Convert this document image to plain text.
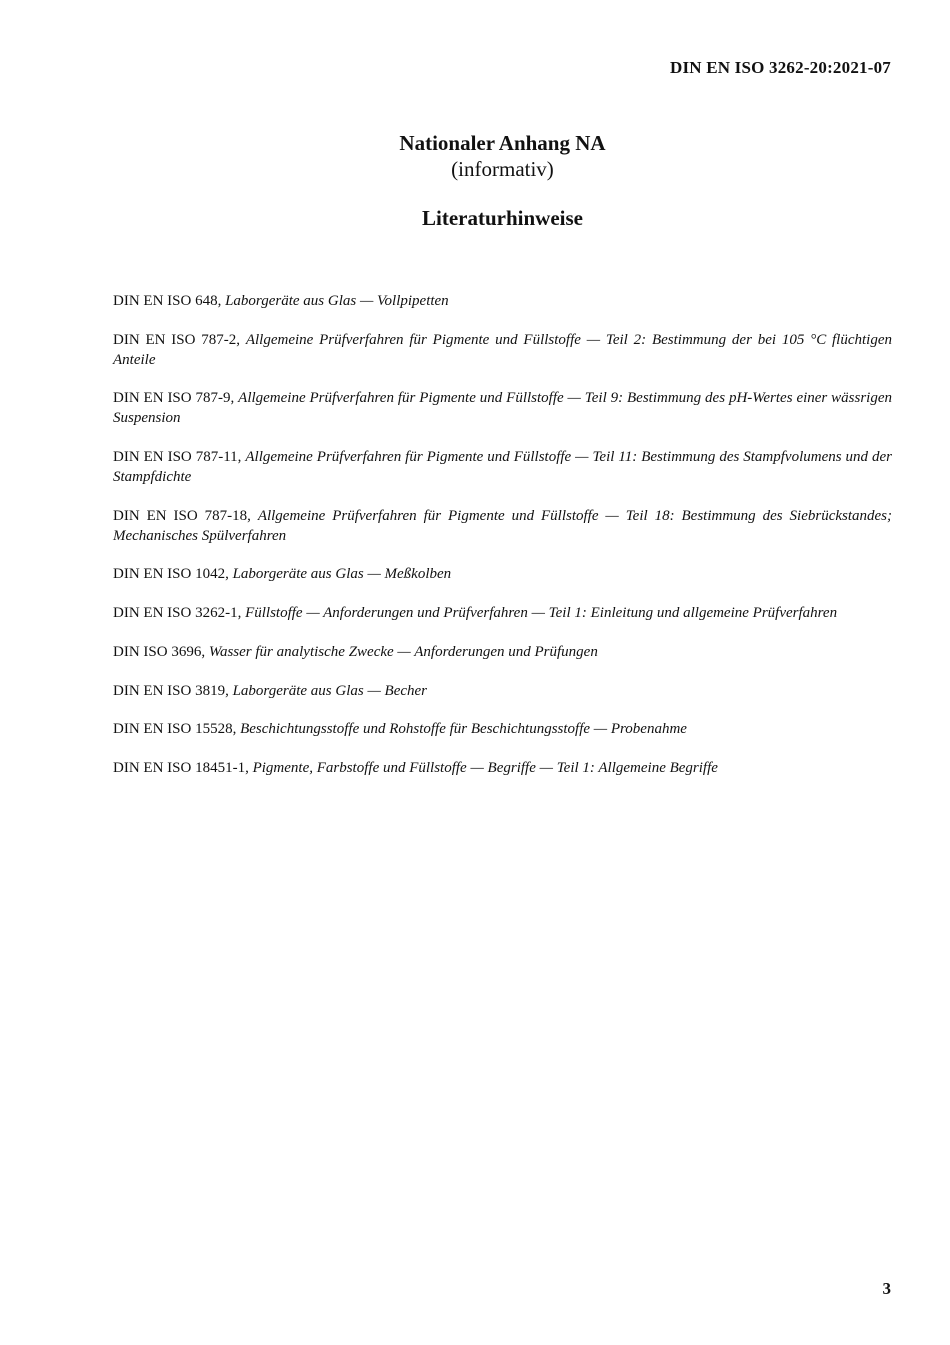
DIN EN ISO 3262-20:2021-07
Nationaler Anhang NA
(informativ)
Literaturhinweise

DIN EN ISO 648, Laborgeräte aus Glas — Vollpipetten

DIN EN ISO 787-2, Allgemeine Prüfverfahren für Pigmente und Füllstoffe — Teil 2: Bestimmung der bei 105 °C flüchtigen Anteile

DIN EN ISO 787-9, Allgemeine Prüfverfahren für Pigmente und Füllstoffe — Teil 9: Bestimmung des pH-Wertes einer wässrigen Suspension

DIN EN ISO 787-11, Allgemeine Prüfverfahren für Pigmente und Füllstoffe — Teil 11: Bestimmung des Stampfvolumens und der Stampfdichte

DIN EN ISO 787-18, Allgemeine Prüfverfahren für Pigmente und Füllstoffe — Teil 18: Bestimmung des Siebrückstandes; Mechanisches Spülverfahren

DIN EN ISO 1042, Laborgeräte aus Glas — Meßkolben

DIN EN ISO 3262-1, Füllstoffe — Anforderungen und Prüfverfahren — Teil 1: Einleitung und allgemeine Prüfverfahren

DIN ISO 3696, Wasser für analytische Zwecke — Anforderungen und Prüfungen

DIN EN ISO 3819, Laborgeräte aus Glas — Becher

DIN EN ISO 15528, Beschichtungsstoffe und Rohstoffe für Beschichtungsstoffe — Probenahme

DIN EN ISO 18451-1, Pigmente, Farbstoffe und Füllstoffe — Begriffe — Teil 1: Allgemeine Begriffe

3
